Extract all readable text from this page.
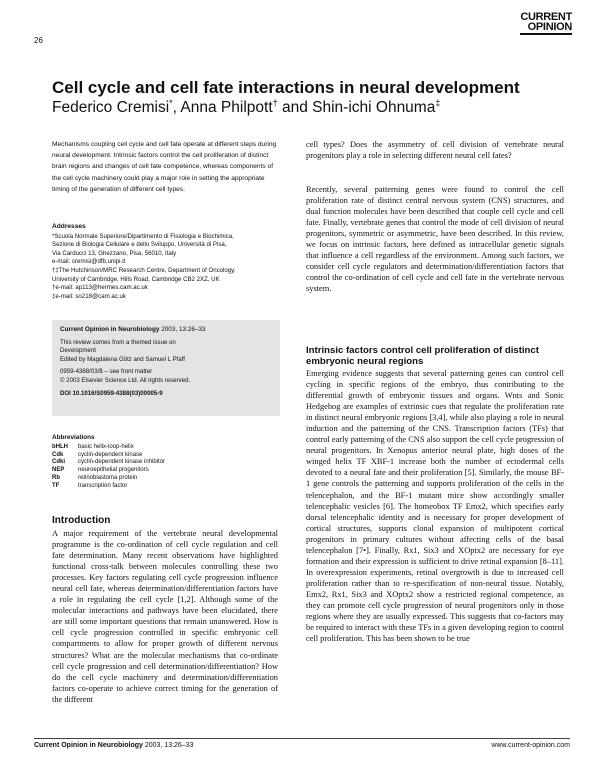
26
CURRENT
OPINION
Cell cycle and cell fate interactions in neural development
Federico Cremisi*, Anna Philpott† and Shin-ichi Ohnuma‡

Mechanisms coupling cell cycle and cell fate operate at different steps during neural development. Intrinsic factors control the cell proliferation of distinct brain regions and changes of cell fate competence, whereas components of the cell cycle machinery could play a major role in setting the appropriate timing of the generation of different cell types.

Addresses

*Scuola Normale Superiore/Dipartimento di Fisiologia e Biochimica,

Sezione di Biologia Cellulare e dello Sviluppo, Università di Pisa,

Via Carducci 13, Ghezzano, Pisa, 56010, Italy

e-mail: cremisi@dfb.unipi.it

†‡The Hutchinson/MRC Research Centre, Department of Oncology,

University of Cambridge, Hills Road, Cambridge CB2 2XZ, UK

†e-mail: ap113@hermes.cam.ac.uk

‡e-mail: so218@cam.ac.uk

Current Opinion in Neurobiology 2003, 13:26–33
This review comes from a themed issue on
Development
Edited by Magdalena Götz and Samuel L Pfaff
0959-4388/03/$ – see front matter
© 2003 Elsevier Science Ltd. All rights reserved.
DOI 10.1016/S0959-4388(03)00005-9

Abbreviations

bHLH	basic helix-loop-helix
Cdk	cyclin-dependent kinase
Cdki	cyclin-dependent kinase inhibitor
NEP	neuroepithelial progenitors
Rb	retinoblastoma protein
TF	transcription factor

Introduction

A major requirement of the vertebrate neural developmental programme is the co-ordination of cell cycle regulation and cell fate determination. Many recent observations have highlighted functional cross-talk between molecules controlling these two processes. Key factors regulating cell cycle progression influence neural cell fate, whereas determination/differentiation factors have a role in regulating the cell cycle [1,2]. Although some of the molecular interactions and pathways have been elucidated, there are still some important questions that remain unanswered. How is cell cycle progression controlled in specific embryonic cell compartments to allow for proper growth of different nervous structures? What are the molecular mechanisms that co-ordinate cell cycle progression and cell determination/differentiation? How do the cell cycle machinery and determination/differentiation factors co-operate to achieve correct timing for the generation of the different

cell types? Does the asymmetry of cell division of vertebrate neural progenitors play a role in selecting different neural cell fates?

Recently, several patterning genes were found to control the cell proliferation rate of distinct central nervous system (CNS) structures, and dual function molecules have been described that couple cell cycle and cell fate. Finally, vertebrate genes that control the mode of cell division of neural progenitors, symmetric or asymmetric, have been described. In this review, we focus on intrinsic factors, here defined as intracellular genetic signals that influence a cell regardless of the environment. Among such factors, we consider cell cycle regulators and determination/differentiation factors that control the co-ordination of cell cycle and cell fate in the vertebrate nervous system.

Intrinsic factors control cell proliferation of distinct embryonic neural regions

Emerging evidence suggests that several patterning genes can control cell cycling in specific regions of the embryo, thus contributing to the differential growth of embryonic tissues and organs. Wnts and Sonic Hedgehog are examples of extrinsic cues that regulate the proliferation rate in distinct neural embryonic regions [3,4], while also playing a role in neural induction and the patterning of the CNS. Transcription factors (TFs) that control early patterning of the CNS also support the cell cycle progression of neural progenitors. In Xenopus anterior neural plate, high doses of the winged helix TF XBF-1 increase both the number of ectodermal cells devoted to a neural fate and their proliferation [5]. Similarly, the mouse BF-1 gene controls the patterning and supports proliferation of the cells in the telencephalon, and the BF-1 mutant mice show accordingly smaller telencephalic vesicles [6]. The homeobox TF Emx2, which specifies early dorsal telencephalic identity and is necessary for proper development of cortical structures, supports clonal expansion of multipotent cortical progenitors in primary cultures without affecting cells of the basal telencephalon [7•]. Finally, Rx1, Six3 and XOptx2 are necessary for eye formation and their expression is sufficient to drive retinal expansion [8–11]. In overexpression experiments, retinal overgrowth is due to increased cell proliferation rather than to re-specification of non-neural tissue. Notably, Emx2, Rx1, Six3 and XOptx2 show a restricted regional competence, as they can promote cell cycle progression of neural progenitors only in those regions where they are usually expressed. This suggests that co-factors may be required to interact with these TFs in a given developing region to control cell proliferation. This has been shown to be true

Current Opinion in Neurobiology 2003, 13:26–33	www.current-opinion.com
